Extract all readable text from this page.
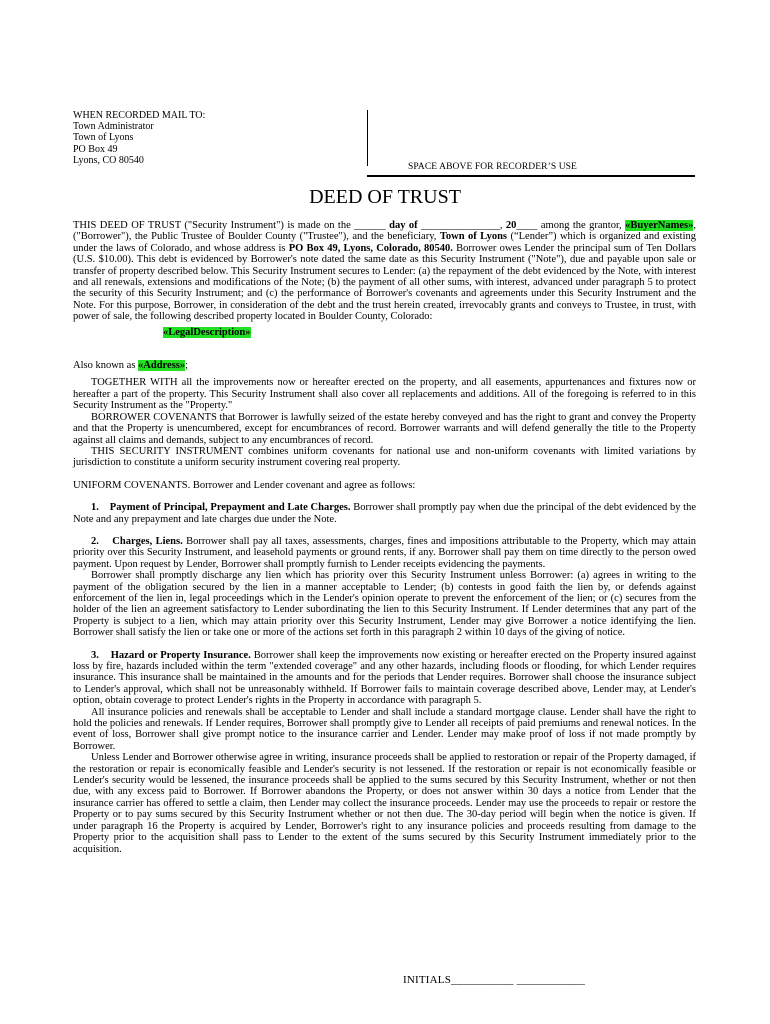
WHEN RECORDED MAIL TO:
Town Administrator
Town of Lyons
PO Box 49
Lyons, CO 80540
SPACE ABOVE FOR RECORDER’S USE
DEED OF TRUST

THIS DEED OF TRUST ("Security Instrument") is made on the ______ day of _______________, 20____ among the grantor, «BuyerNames», ("Borrower"), the Public Trustee of Boulder County ("Trustee"), and the beneficiary, Town of Lyons (“Lender”) which is organized and existing under the laws of Colorado, and whose address is PO Box 49, Lyons, Colorado, 80540. Borrower owes Lender the principal sum of Ten Dollars (U.S. $10.00). This debt is evidenced by Borrower's note dated the same date as this Security Instrument ("Note"), due and payable upon sale or transfer of property described below. This Security Instrument secures to Lender: (a) the repayment of the debt evidenced by the Note, with interest and all renewals, extensions and modifications of the Note; (b) the payment of all other sums, with interest, advanced under paragraph 5 to protect the security of this Security Instrument; and (c) the performance of Borrower's covenants and agreements under this Security Instrument and the Note. For this purpose, Borrower, in consideration of the debt and the trust herein created, irrevocably grants and conveys to Trustee, in trust, with power of sale, the following described property located in Boulder County, Colorado:

«LegalDescription»

Also known as «Address»;

TOGETHER WITH all the improvements now or hereafter erected on the property, and all easements, appurtenances and fixtures now or hereafter a part of the property. This Security Instrument shall also cover all replacements and additions. All of the foregoing is referred to in this Security Instrument as the "Property."

BORROWER COVENANTS that Borrower is lawfully seized of the estate hereby conveyed and has the right to grant and convey the Property and that the Property is unencumbered, except for encumbrances of record. Borrower warrants and will defend generally the title to the Property against all claims and demands, subject to any encumbrances of record.

THIS SECURITY INSTRUMENT combines uniform covenants for national use and non-uniform covenants with limited variations by jurisdiction to constitute a uniform security instrument covering real property.

UNIFORM COVENANTS. Borrower and Lender covenant and agree as follows:

1. Payment of Principal, Prepayment and Late Charges. Borrower shall promptly pay when due the principal of the debt evidenced by the Note and any prepayment and late charges due under the Note.

2. Charges, Liens. Borrower shall pay all taxes, assessments, charges, fines and impositions attributable to the Property, which may attain priority over this Security Instrument, and leasehold payments or ground rents, if any. Borrower shall pay them on time directly to the person owed payment. Upon request by Lender, Borrower shall promptly furnish to Lender receipts evidencing the payments.

Borrower shall promptly discharge any lien which has priority over this Security Instrument unless Borrower: (a) agrees in writing to the payment of the obligation secured by the lien in a manner acceptable to Lender; (b) contests in good faith the lien by, or defends against enforcement of the lien in, legal proceedings which in the Lender's opinion operate to prevent the enforcement of the lien; or (c) secures from the holder of the lien an agreement satisfactory to Lender subordinating the lien to this Security Instrument. If Lender determines that any part of the Property is subject to a lien, which may attain priority over this Security Instrument, Lender may give Borrower a notice identifying the lien. Borrower shall satisfy the lien or take one or more of the actions set forth in this paragraph 2 within 10 days of the giving of notice.

3. Hazard or Property Insurance. Borrower shall keep the improvements now existing or hereafter erected on the Property insured against loss by fire, hazards included within the term "extended coverage" and any other hazards, including floods or flooding, for which Lender requires insurance. This insurance shall be maintained in the amounts and for the periods that Lender requires. Borrower shall choose the insurance subject to Lender's approval, which shall not be unreasonably withheld. If Borrower fails to maintain coverage described above, Lender may, at Lender's option, obtain coverage to protect Lender's rights in the Property in accordance with paragraph 5.

All insurance policies and renewals shall be acceptable to Lender and shall include a standard mortgage clause. Lender shall have the right to hold the policies and renewals. If Lender requires, Borrower shall promptly give to Lender all receipts of paid premiums and renewal notices. In the event of loss, Borrower shall give prompt notice to the insurance carrier and Lender. Lender may make proof of loss if not made promptly by Borrower.

Unless Lender and Borrower otherwise agree in writing, insurance proceeds shall be applied to restoration or repair of the Property damaged, if the restoration or repair is economically feasible and Lender's security is not lessened. If the restoration or repair is not economically feasible or Lender's security would be lessened, the insurance proceeds shall be applied to the sums secured by this Security Instrument, whether or not then due, with any excess paid to Borrower. If Borrower abandons the Property, or does not answer within 30 days a notice from Lender that the insurance carrier has offered to settle a claim, then Lender may collect the insurance proceeds. Lender may use the proceeds to repair or restore the Property or to pay sums secured by this Security Instrument whether or not then due. The 30-day period will begin when the notice is given. If under paragraph 16 the Property is acquired by Lender, Borrower's right to any insurance policies and proceeds resulting from damage to the Property prior to the acquisition shall pass to Lender to the extent of the sums secured by this Security Instrument immediately prior to the acquisition.

INITIALS___________ ____________
